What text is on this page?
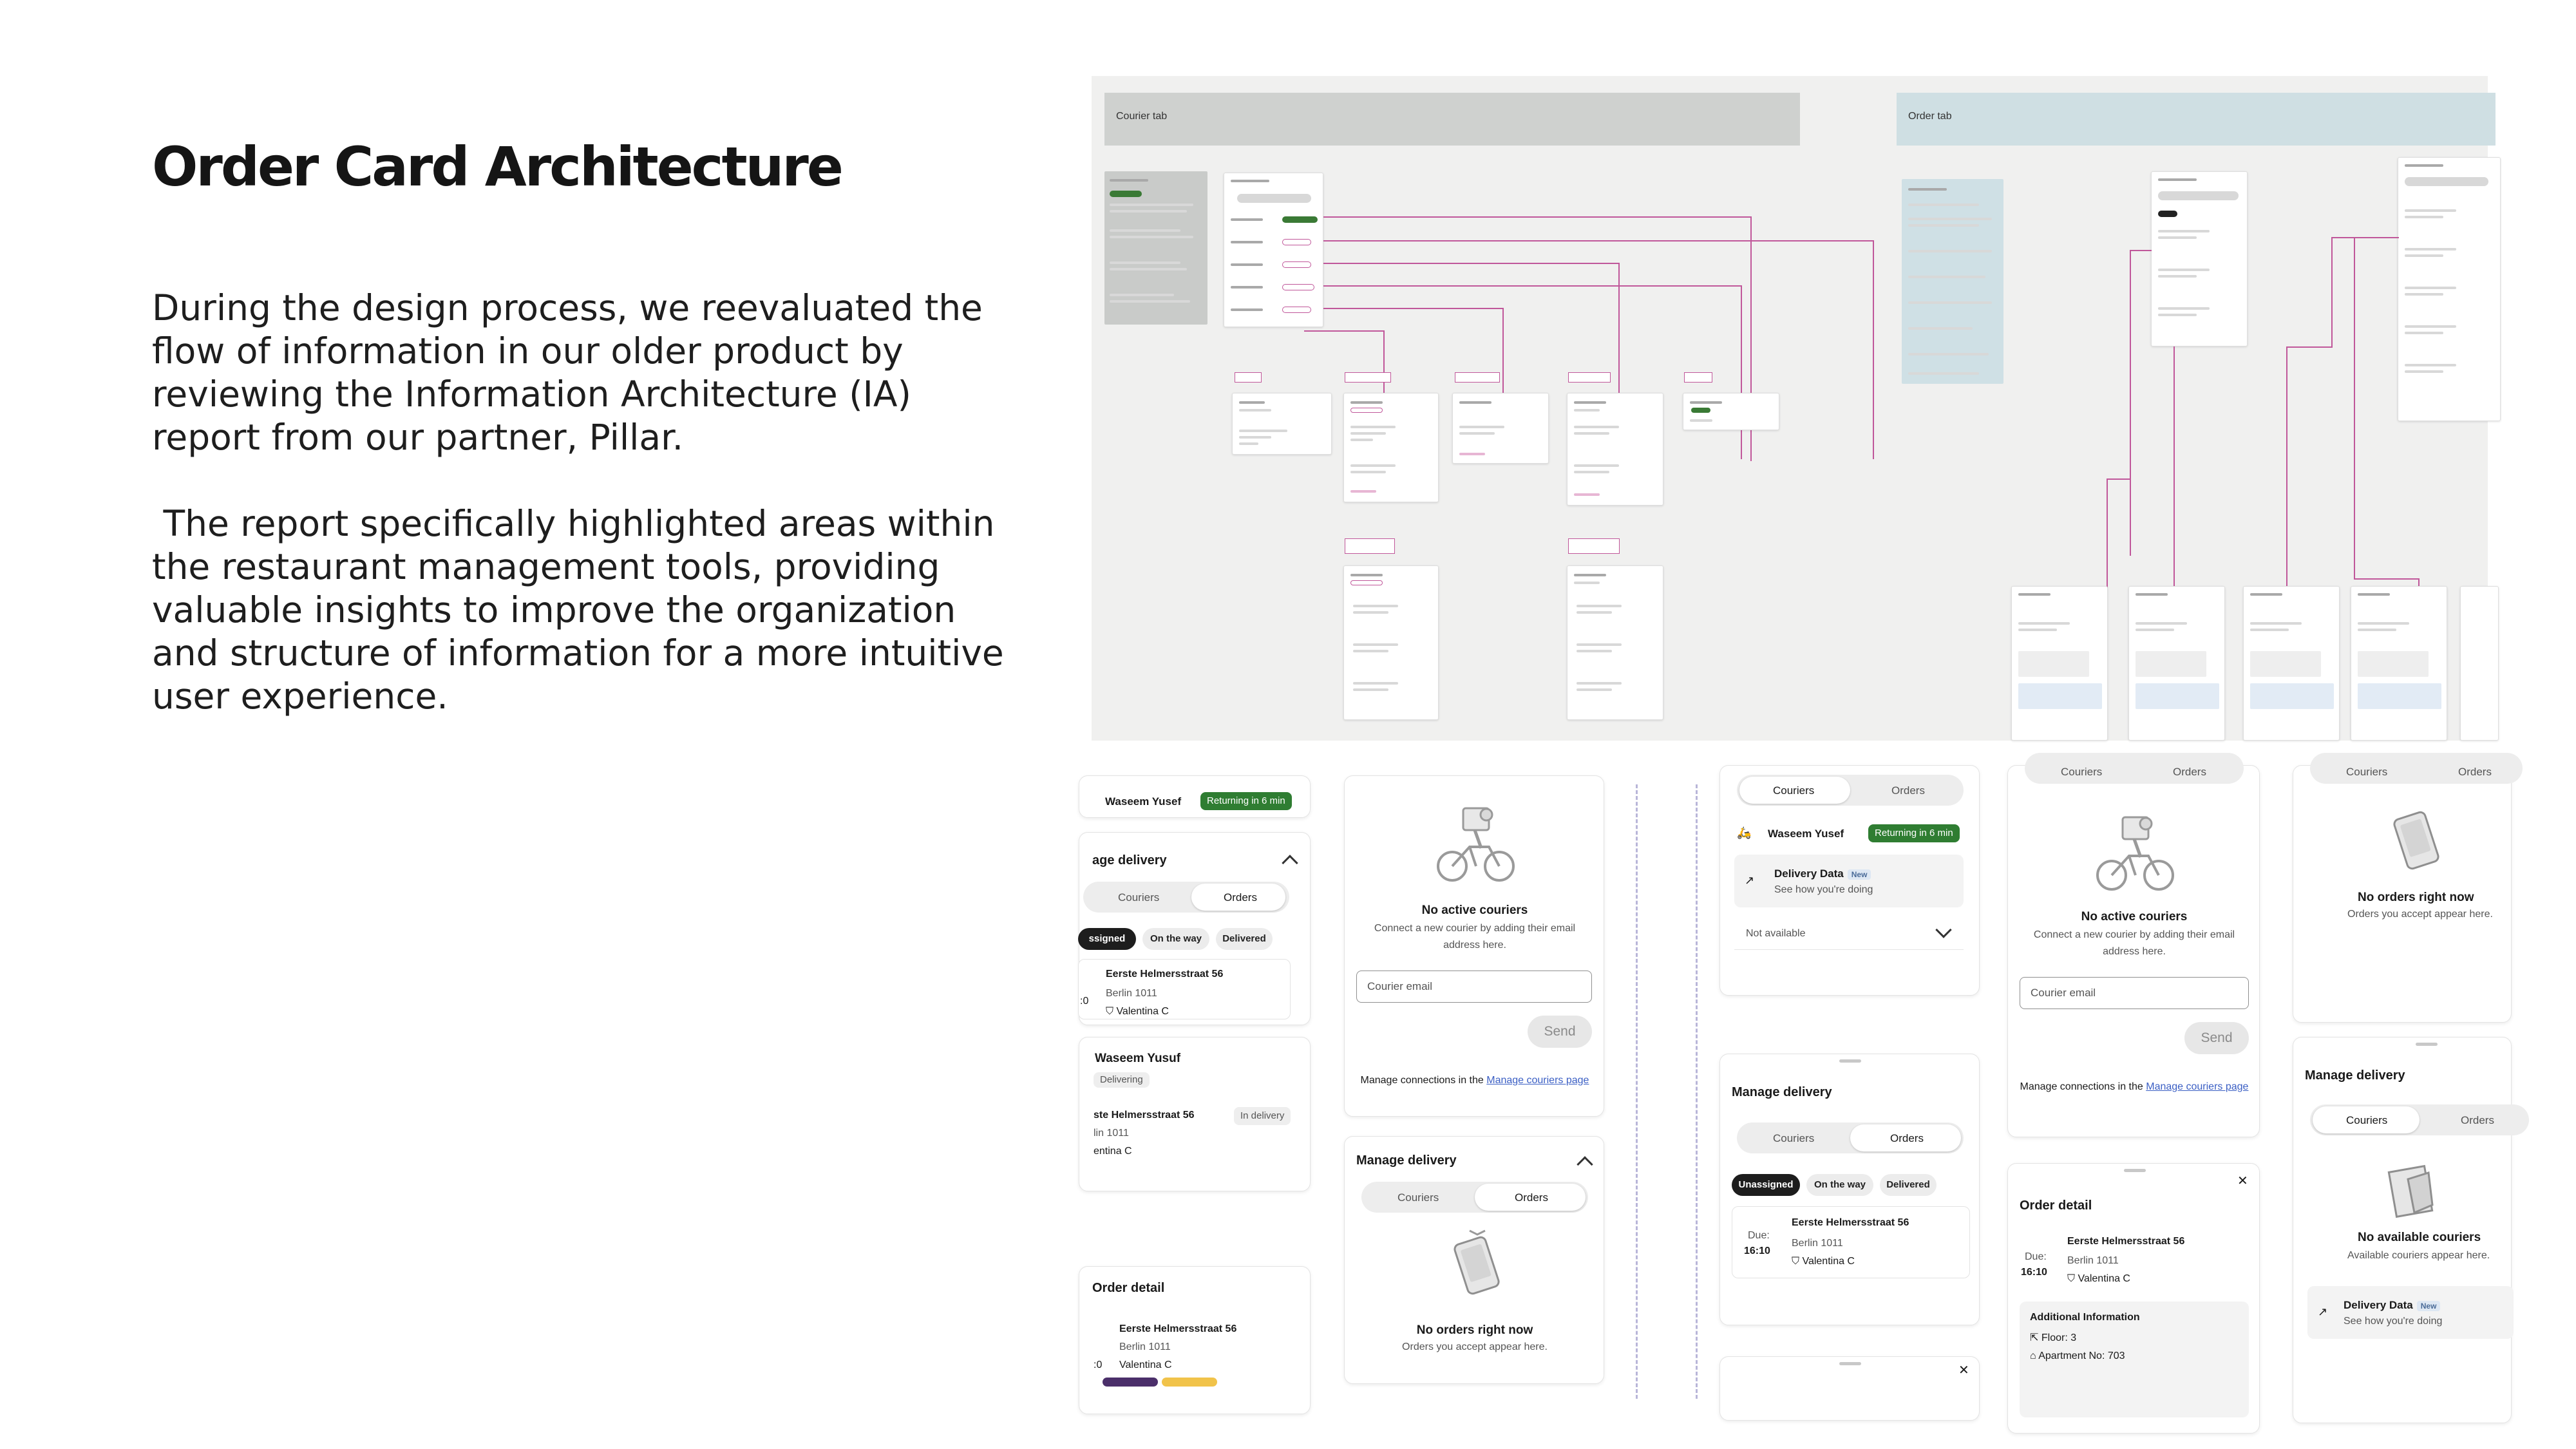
Order Card Architecture

During the design process, we reevaluated the flow of information in our older product by reviewing the Information Architecture (IA) report from our partner, Pillar.

The report specifically highlighted areas within the restaurant management tools, providing valuable insights to improve the organization and structure of information for a more intuitive user experience.

Courier tab	Order tab
Waseem Yusef	Returning in 6 min
age delivery
Couriers	Orders
ssigned	On the way	Delivered
:0
Eerste Helmersstraat 56
Berlin 1011
⛉ Valentina C
Waseem Yusuf
Delivering
ste Helmersstraat 56
lin 1011
entina C
In delivery
Order detail
Eerste Helmersstraat 56
Berlin 1011
Valentina C
:0
No active couriers
Connect a new courier by adding their email
address here.
Courier email
Send
Manage connections in the Manage couriers page
Manage delivery
Couriers	Orders
No orders right now
Orders you accept appear here.
Couriers	Orders
🛵 Waseem Yusef	Returning in 6 min
↗
Delivery Data New
See how you're doing
Not available
Manage delivery
Couriers	Orders
Unassigned	On the way	Delivered
Due:
16:10
Eerste Helmersstraat 56
Berlin 1011
⛉ Valentina C
✕
Couriers	Orders
No active couriers
Connect a new courier by adding their email
address here.
Courier email
Send
Manage connections in the Manage couriers page
✕
Order detail
Due:
16:10
Eerste Helmersstraat 56
Berlin 1011
⛉ Valentina C
Additional Information
⇱ Floor: 3
⌂ Apartment No: 703
Couriers	Orders
No orders right now
Orders you accept appear here.
Manage delivery
Couriers	Orders
No available couriers
Available couriers appear here.
↗
Delivery Data New
See how you're doing
